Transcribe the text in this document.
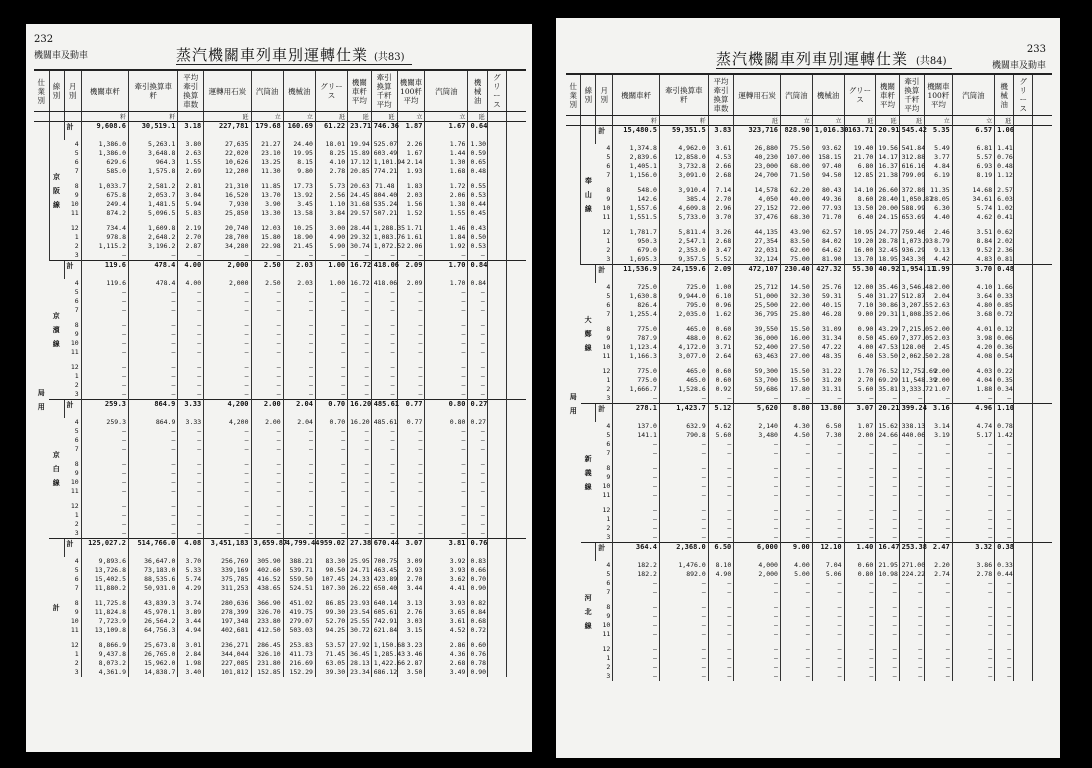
232
機關車及動車	蒸汽機關車列車別運轉仕業 (共83)
仕業 別	線 別	月 別	機關車粁	牽引換算車粁	平均牽引換算車数	運轉用石炭	汽筒油	機械油	グリース	機關車粁平均	牽引換算千粁平均	機關車100粁平均	汽筒油	機械油	グリース	
			粁	粁		瓩	立	立	瓩	瓩	瓩	立	立	瓩		
局用	京阪線	計	9,608.6	30,519.1	3.18	227,781	179.68	160.69	61.22	23.71	746.36	1.87	1.67	0.64		
		4	1,386.0	5,263.1	3.80	27,635	21.27	24.40	18.01	19.94	525.07	2.26	1.76	1.30		
		5	1,386.0	3,648.8	2.63	22,020	23.10	19.95	8.25	15.89	603.49	1.67	1.44	0.59		
		6	629.6	964.3	1.55	10,626	13.25	8.15	4.10	17.12	1,101.94	2.14	1.30	0.65		
		7	585.0	1,575.8	2.69	12,200	11.30	9.80	2.78	20.85	774.21	1.93	1.68	0.48		

		8	1,033.7	2,581.2	2.81	21,310	11.85	17.73	5.73	20.63	71.48	1.83	1.72	0.55		
		9	675.8	2,053.7	3.04	16,520	13.70	13.92	2.56	24.45	804.40	2.03	2.06	0.53		
		10	249.4	1,481.5	5.94	7,930	3.90	3.45	1.10	31.68	535.24	1.56	1.38	0.44		
		11	874.2	5,096.5	5.83	25,850	13.30	13.58	3.84	29.57	507.21	1.52	1.55	0.45		

		12	734.4	1,609.8	2.19	20,740	12.03	10.25	3.00	28.44	1,288.35	1.71	1.46	0.43		
		1	978.8	2,648.2	2.70	28,700	15.80	18.90	4.90	29.32	1,083.76	1.61	1.84	0.50		
		2	1,115.2	3,196.2	2.87	34,280	22.98	21.45	5.90	30.74	1,072.52	2.06	1.92	0.53		
		3	—	—	—	—	—	—	—	—	—	—	—	—		
	京濱線	計	119.6	478.4	4.00	2,000	2.50	2.03	1.00	16.72	418.06	2.09	1.70	0.84		
		4	119.6	478.4	4.00	2,000	2.50	2.03	1.00	16.72	418.06	2.09	1.70	0.84		
		5	—	—	—	—	—	—	—	—	—	—	—	—		
		6	—	—	—	—	—	—	—	—	—	—	—	—		
		7	—	—	—	—	—	—	—	—	—	—	—	—		

		8	—	—	—	—	—	—	—	—	—	—	—	—		
		9	—	—	—	—	—	—	—	—	—	—	—	—		
		10	—	—	—	—	—	—	—	—	—	—	—	—		
		11	—	—	—	—	—	—	—	—	—	—	—	—		

		12	—	—	—	—	—	—	—	—	—	—	—	—		
		1	—	—	—	—	—	—	—	—	—	—	—	—		
		2	—	—	—	—	—	—	—	—	—	—	—	—		
		3	—	—	—	—	—	—	—	—	—	—	—	—		
	京白線	計	259.3	864.9	3.33	4,200	2.00	2.04	0.70	16.20	485.61	0.77	0.80	0.27		
		4	259.3	864.9	3.33	4,200	2.00	2.04	0.70	16.20	485.61	0.77	0.80	0.27		
		5	—	—	—	—	—	—	—	—	—	—	—	—		
		6	—	—	—	—	—	—	—	—	—	—	—	—		
		7	—	—	—	—	—	—	—	—	—	—	—	—		

		8	—	—	—	—	—	—	—	—	—	—	—	—		
		9	—	—	—	—	—	—	—	—	—	—	—	—		
		10	—	—	—	—	—	—	—	—	—	—	—	—		
		11	—	—	—	—	—	—	—	—	—	—	—	—		

		12	—	—	—	—	—	—	—	—	—	—	—	—		
		1	—	—	—	—	—	—	—	—	—	—	—	—		
		2	—	—	—	—	—	—	—	—	—	—	—	—		
		3	—	—	—	—	—	—	—	—	—	—	—	—		
	計	計	125,027.2	514,766.0	4.08	3,451,183	3,659.87	4,799.44	959.02	27.38	670.44	3.07	3.81	0.76		
		4	9,893.6	36,647.0	3.70	256,769	305.90	388.21	83.30	25.95	700.75	3.09	3.92	0.83		
		5	13,726.8	73,183.0	5.33	339,169	402.60	539.71	90.50	24.71	463.45	2.93	3.93	0.66		
		6	15,402.5	88,535.6	5.74	375,785	416.52	559.50	107.45	24.33	423.89	2.70	3.62	0.70		
		7	11,880.2	50,931.0	4.29	311,253	438.65	524.51	107.30	26.22	650.40	3.44	4.41	0.90		

		8	11,725.8	43,839.3	3.74	280,636	366.90	451.02	86.85	23.93	640.14	3.13	3.93	0.82		
		9	11,824.8	45,970.1	3.89	278,399	326.70	419.75	99.30	23.54	605.61	2.76	3.65	0.84		
		10	7,723.9	26,564.2	3.44	197,348	233.80	279.07	52.70	25.55	742.91	3.03	3.61	0.68		
		11	13,109.8	64,756.3	4.94	402,681	412.50	503.03	94.25	30.72	621.84	3.15	4.52	0.72		

		12	8,866.9	25,673.8	3.01	236,271	286.45	253.83	53.57	27.92	1,150.68	3.23	2.86	0.60		
		1	9,437.8	26,765.0	2.84	344,044	326.10	411.73	71.45	36.45	1,285.43	3.46	4.36	0.76		
		2	8,073.2	15,962.0	1.98	227,085	231.80	216.69	63.05	28.13	1,422.66	2.87	2.68	0.78		
		3	4,361.9	14,838.7	3.40	101,812	152.85	152.29	39.30	23.34	686.12	3.50	3.49	0.90		
233
機關車及動車
蒸汽機關車列車別運轉仕業 (共84)
仕業 別	線 別	月 別	機關車粁	牽引換算車粁	平均牽引換算車数	運轉用石炭	汽筒油	機械油	グリース	機關車粁平均	牽引換算千粁平均	機關車100粁平均	汽筒油	機械油	グリース	
			粁	粁		瓩	立	立	瓩	瓩	瓩	立	立	瓩		
局用	奉山線	計	15,480.5	59,351.5	3.83	323,716	828.90	1,016.30	163.71	20.91	545.42	5.35	6.57	1.06		
		4	1,374.8	4,962.0	3.61	26,880	75.50	93.62	19.40	19.56	541.84	5.49	6.81	1.41		
		5	2,839.6	12,858.0	4.53	40,230	107.00	158.15	21.70	14.17	312.88	3.77	5.57	0.76		
		6	1,405.1	3,732.8	2.66	23,000	68.00	97.40	6.80	16.37	616.16	4.84	6.93	0.48		
		7	1,156.0	3,091.0	2.68	24,700	71.50	94.50	12.85	21.38	799.09	6.19	8.19	1.12		

		8	548.0	3,910.4	7.14	14,578	62.20	80.43	14.10	26.60	372.80	11.35	14.68	2.57		
		9	142.6	385.4	2.70	4,050	40.00	49.36	8.60	28.40	1,050.87	28.05	34.61	6.03		
		10	1,557.6	4,609.8	2.96	27,152	72.00	77.93	13.50	20.00	588.99	6.30	5.74	1.02		
		11	1,551.5	5,733.0	3.70	37,476	68.30	71.70	6.40	24.15	653.69	4.40	4.62	0.41		

		12	1,781.7	5,811.4	3.26	44,135	43.90	62.57	10.95	24.77	759.46	2.46	3.51	0.62		
		1	950.3	2,547.1	2.68	27,354	83.50	84.02	19.20	28.78	1,073.93	8.79	8.84	2.02		
		2	679.0	2,353.0	3.47	22,031	62.00	64.62	16.00	32.45	936.29	9.13	9.52	2.36		
		3	1,695.3	9,357.5	5.52	32,124	75.00	81.90	13.70	18.95	343.30	4.42	4.83	0.81		
	大鄭線	計	11,536.9	24,159.6	2.09	472,107	230.40	427.32	55.30	40.92	1,954.11	1.99	3.70	0.48		
		4	725.0	725.0	1.00	25,712	14.50	25.76	12.00	35.46	3,546.48	2.00	4.10	1.66		
		5	1,630.8	9,944.0	6.10	51,000	32.30	59.31	5.40	31.27	512.87	2.04	3.64	0.33		
		6	826.4	795.0	0.96	25,500	22.00	40.15	7.10	30.86	3,207.55	2.63	4.80	0.85		
		7	1,255.4	2,035.0	1.62	36,795	25.80	46.28	9.00	29.31	1,808.35	2.06	3.68	0.72		

		8	775.0	465.0	0.60	39,550	15.50	31.09	0.90	43.29	7,215.05	2.00	4.01	0.12		
		9	787.9	488.0	0.62	36,000	16.00	31.34	0.50	45.69	7,377.05	2.03	3.98	0.06		
		10	1,123.4	4,172.0	3.71	52,400	27.50	47.22	4.00	47.53	128.00	2.45	4.20	0.36		
		11	1,166.3	3,077.0	2.64	63,463	27.00	48.35	6.40	53.50	2,062.50	2.28	4.08	0.54		

		12	775.0	465.0	0.60	59,300	15.50	31.22	1.70	76.52	12,752.69	2.00	4.03	0.22		
		1	775.0	465.0	0.60	53,700	15.50	31.20	2.70	69.29	11,548.39	2.00	4.04	0.35		
		2	1,666.7	1,528.6	0.92	59,686	17.80	31.31	5.60	35.81	3,333.72	1.07	1.88	0.34		
		3	—	—	—	—	—	—	—	—	—	—	—	—		
	新義線	計	278.1	1,423.7	5.12	5,620	8.80	13.80	3.07	20.21	399.24	3.16	4.96	1.10		
		4	137.0	632.9	4.62	2,140	4.30	6.50	1.07	15.62	338.13	3.14	4.74	0.78		
		5	141.1	790.8	5.60	3,480	4.50	7.30	2.00	24.66	440.06	3.19	5.17	1.42		
		6	—	—	—	—	—	—	—	—	—	—	—	—		
		7	—	—	—	—	—	—	—	—	—	—	—	—		

		8	—	—	—	—	—	—	—	—	—	—	—	—		
		9	—	—	—	—	—	—	—	—	—	—	—	—		
		10	—	—	—	—	—	—	—	—	—	—	—	—		
		11	—	—	—	—	—	—	—	—	—	—	—	—		

		12	—	—	—	—	—	—	—	—	—	—	—	—		
		1	—	—	—	—	—	—	—	—	—	—	—	—		
		2	—	—	—	—	—	—	—	—	—	—	—	—		
		3	—	—	—	—	—	—	—	—	—	—	—	—		
	河北線	計	364.4	2,368.0	6.50	6,000	9.00	12.10	1.40	16.47	253.38	2.47	3.32	0.38		
		4	182.2	1,476.0	8.10	4,000	4.00	7.04	0.60	21.95	271.00	2.20	3.86	0.33		
		5	182.2	892.0	4.90	2,000	5.00	5.06	0.80	10.98	224.22	2.74	2.78	0.44		
		6	—	—	—	—	—	—	—	—	—	—	—	—		
		7	—	—	—	—	—	—	—	—	—	—	—	—		

		8	—	—	—	—	—	—	—	—	—	—	—	—		
		9	—	—	—	—	—	—	—	—	—	—	—	—		
		10	—	—	—	—	—	—	—	—	—	—	—	—		
		11	—	—	—	—	—	—	—	—	—	—	—	—		

		12	—	—	—	—	—	—	—	—	—	—	—	—		
		1	—	—	—	—	—	—	—	—	—	—	—	—		
		2	—	—	—	—	—	—	—	—	—	—	—	—		
		3	—	—	—	—	—	—	—	—	—	—	—	—		
